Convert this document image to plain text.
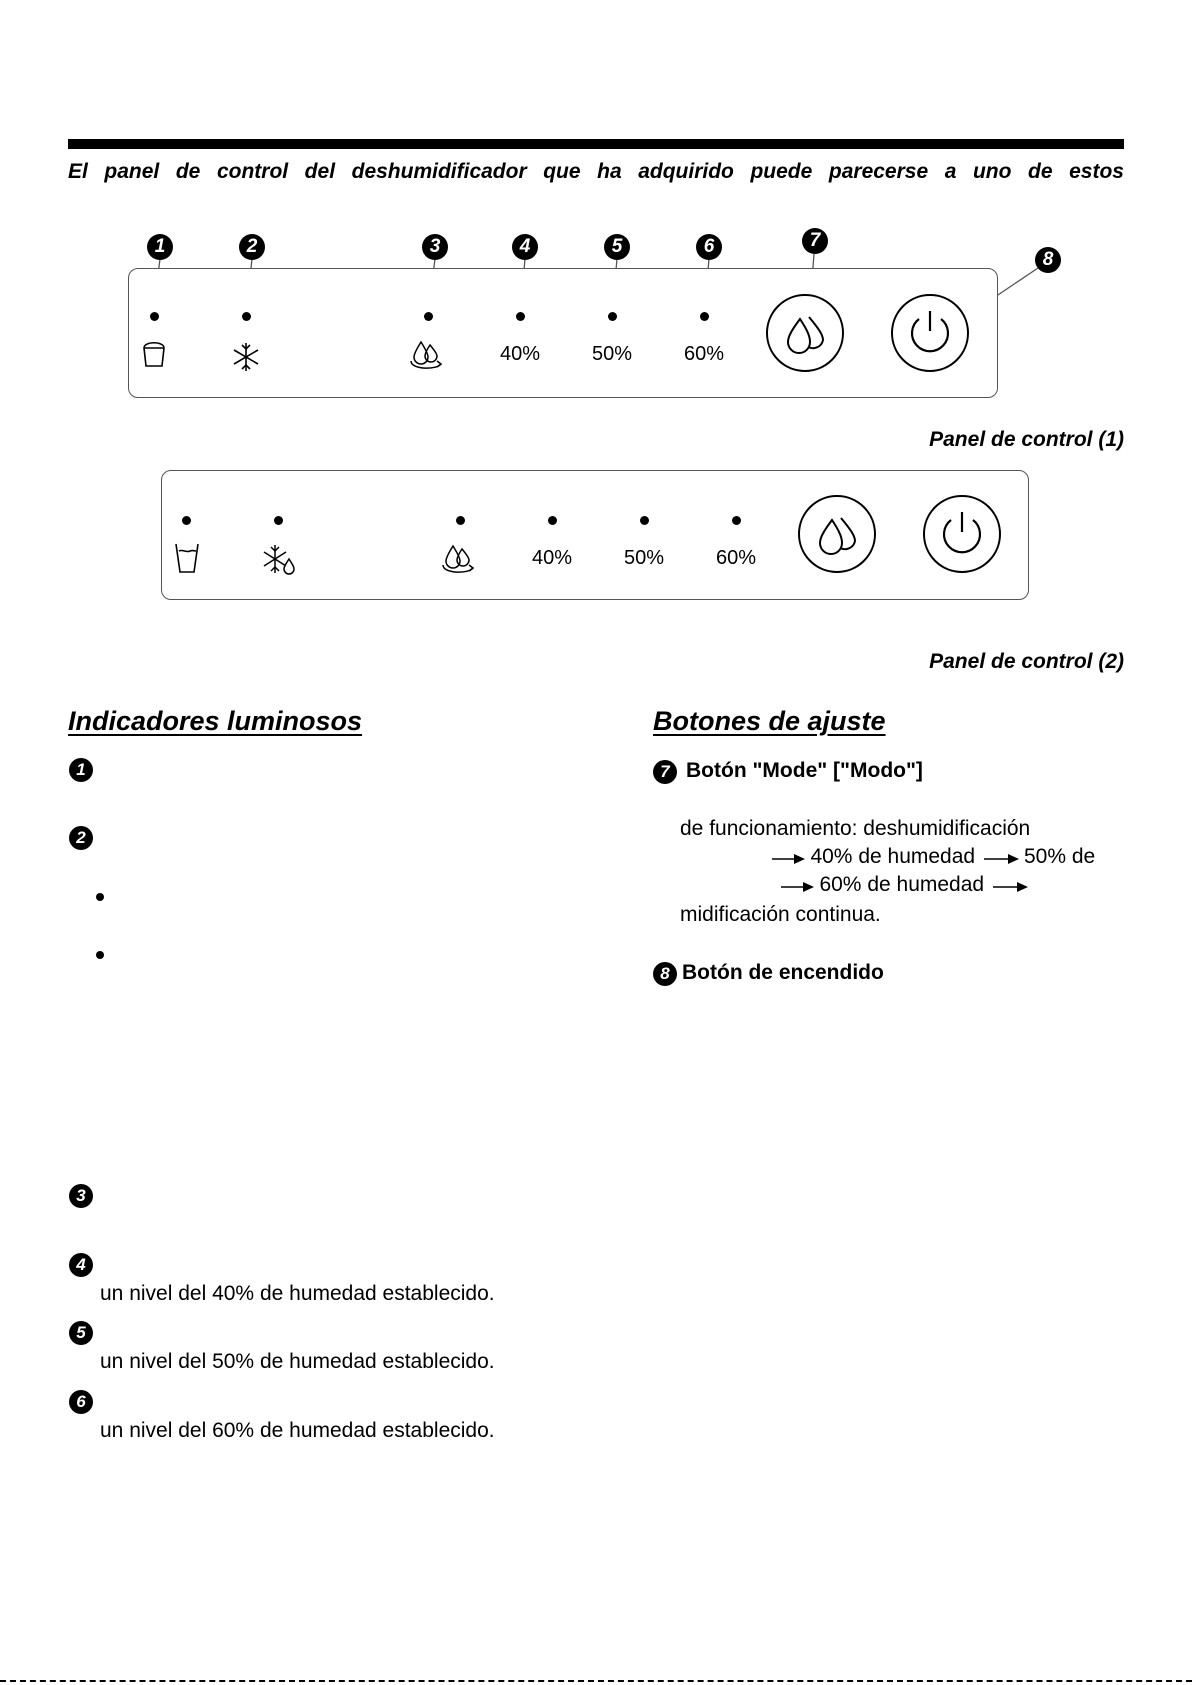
El panel de control del deshumidificador que ha adquirido puede parecerse a uno de estos
1	2	3	4	5	6	7
8
40%	50%	60%
Panel de control (1)
40%	50%	60%
Panel de control (2)
Indicadores luminosos
1
2
3
4
un nivel del 40% de humedad establecido.
5
un nivel del 50% de humedad establecido.
6
un nivel del 60% de humedad establecido.
Botones de ajuste
7 Botón "Mode" ["Modo"]
de funcionamiento: deshumidificación
40% de humedad 50% de
60% de humedad
midificación continua.
8 Botón de encendido
